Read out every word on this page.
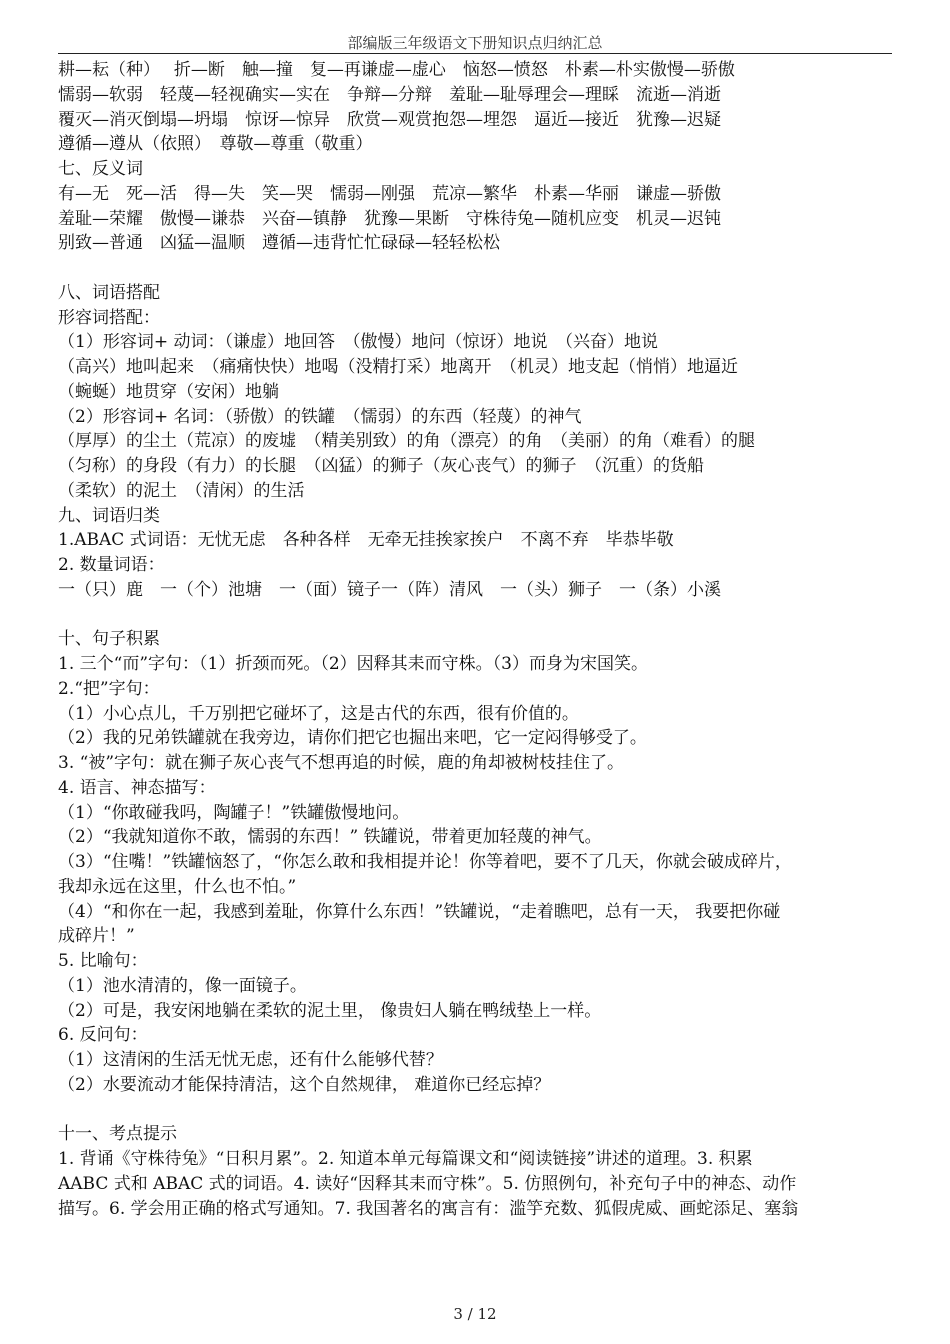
部编版三年级语文下册知识点归纳汇总
耕—耘（种）　 折—断　触—撞　复—再谦虚—虚心　恼怒—愤怒　朴素—朴实傲慢—骄傲
懦弱—软弱　轻蔑—轻视确实—实在　争辩—分辩　羞耻—耻辱理会—理睬　流逝—消逝
覆灭—消灭倒塌—坍塌　惊讶—惊异　欣赏—观赏抱怨—埋怨　逼近—接近　犹豫—迟疑
遵循—遵从（依照）　尊敬—尊重（敬重）
七、反义词
有—无　死—活　得—失　笑—哭　懦弱—刚强　荒凉—繁华　朴素—华丽　谦虚—骄傲
羞耻—荣耀　傲慢—谦恭　兴奋—镇静　犹豫—果断　守株待兔—随机应变　机灵—迟钝
别致—普通　凶猛—温顺　遵循—违背忙忙碌碌—轻轻松松
八、词语搭配
形容词搭配：
（1）形容词+ 动词：（谦虚）地回答　（傲慢）地问（惊讶）地说　（兴奋）地说
（高兴）地叫起来　（痛痛快快）地喝（没精打采）地离开　（机灵）地支起（悄悄）地逼近
（蜿蜒）地贯穿（安闲）地躺
（2）形容词+ 名词：（骄傲）的铁罐　（懦弱）的东西（轻蔑）的神气
（厚厚）的尘土（荒凉）的废墟　（精美别致）的角（漂亮）的角　（美丽）的角（难看）的腿
（匀称）的身段（有力）的长腿　（凶猛）的狮子（灰心丧气）的狮子　（沉重）的货船
（柔软）的泥土　（清闲）的生活
九、词语归类
1.ABAC 式词语：无忧无虑　各种各样　无牵无挂挨家挨户　不离不弃　毕恭毕敬
2. 数量词语：
一（只）鹿　一（个）池塘　一（面）镜子一（阵）清风　一（头）狮子　一（条）小溪
十、句子积累
1. 三个“而”字句：（1）折颈而死。（2）因释其耒而守株。（3）而身为宋国笑。
2.“把”字句：
（1）小心点儿，千万别把它碰坏了，这是古代的东西，很有价值的。
（2）我的兄弟铁罐就在我旁边，请你们把它也掘出来吧，它一定闷得够受了。
3. “被”字句：就在狮子灰心丧气不想再追的时候，鹿的角却被树枝挂住了。
4. 语言、神态描写：
（1）“你敢碰我吗，陶罐子！”铁罐傲慢地问。
（2）“我就知道你不敢，懦弱的东西！” 铁罐说，带着更加轻蔑的神气。
（3）“住嘴！”铁罐恼怒了，“你怎么敢和我相提并论！你等着吧，要不了几天，你就会破成碎片，
我却永远在这里，什么也不怕。”
（4）“和你在一起，我感到羞耻，你算什么东西！”铁罐说，“走着瞧吧，总有一天， 我要把你碰
成碎片！”
5. 比喻句：
（1）池水清清的，像一面镜子。
（2）可是，我安闲地躺在柔软的泥土里， 像贵妇人躺在鸭绒垫上一样。
6. 反问句：
（1）这清闲的生活无忧无虑，还有什么能够代替？
（2）水要流动才能保持清洁，这个自然规律， 难道你已经忘掉？
十一、考点提示
1. 背诵《守株待兔》“日积月累”。2. 知道本单元每篇课文和“阅读链接”讲述的道理。3. 积累
AABC 式和 ABAC 式的词语。4. 读好“因释其耒而守株”。5. 仿照例句，补充句子中的神态、动作
描写。6. 学会用正确的格式写通知。7. 我国著名的寓言有：滥竽充数、狐假虎威、画蛇添足、塞翁
3 / 12
